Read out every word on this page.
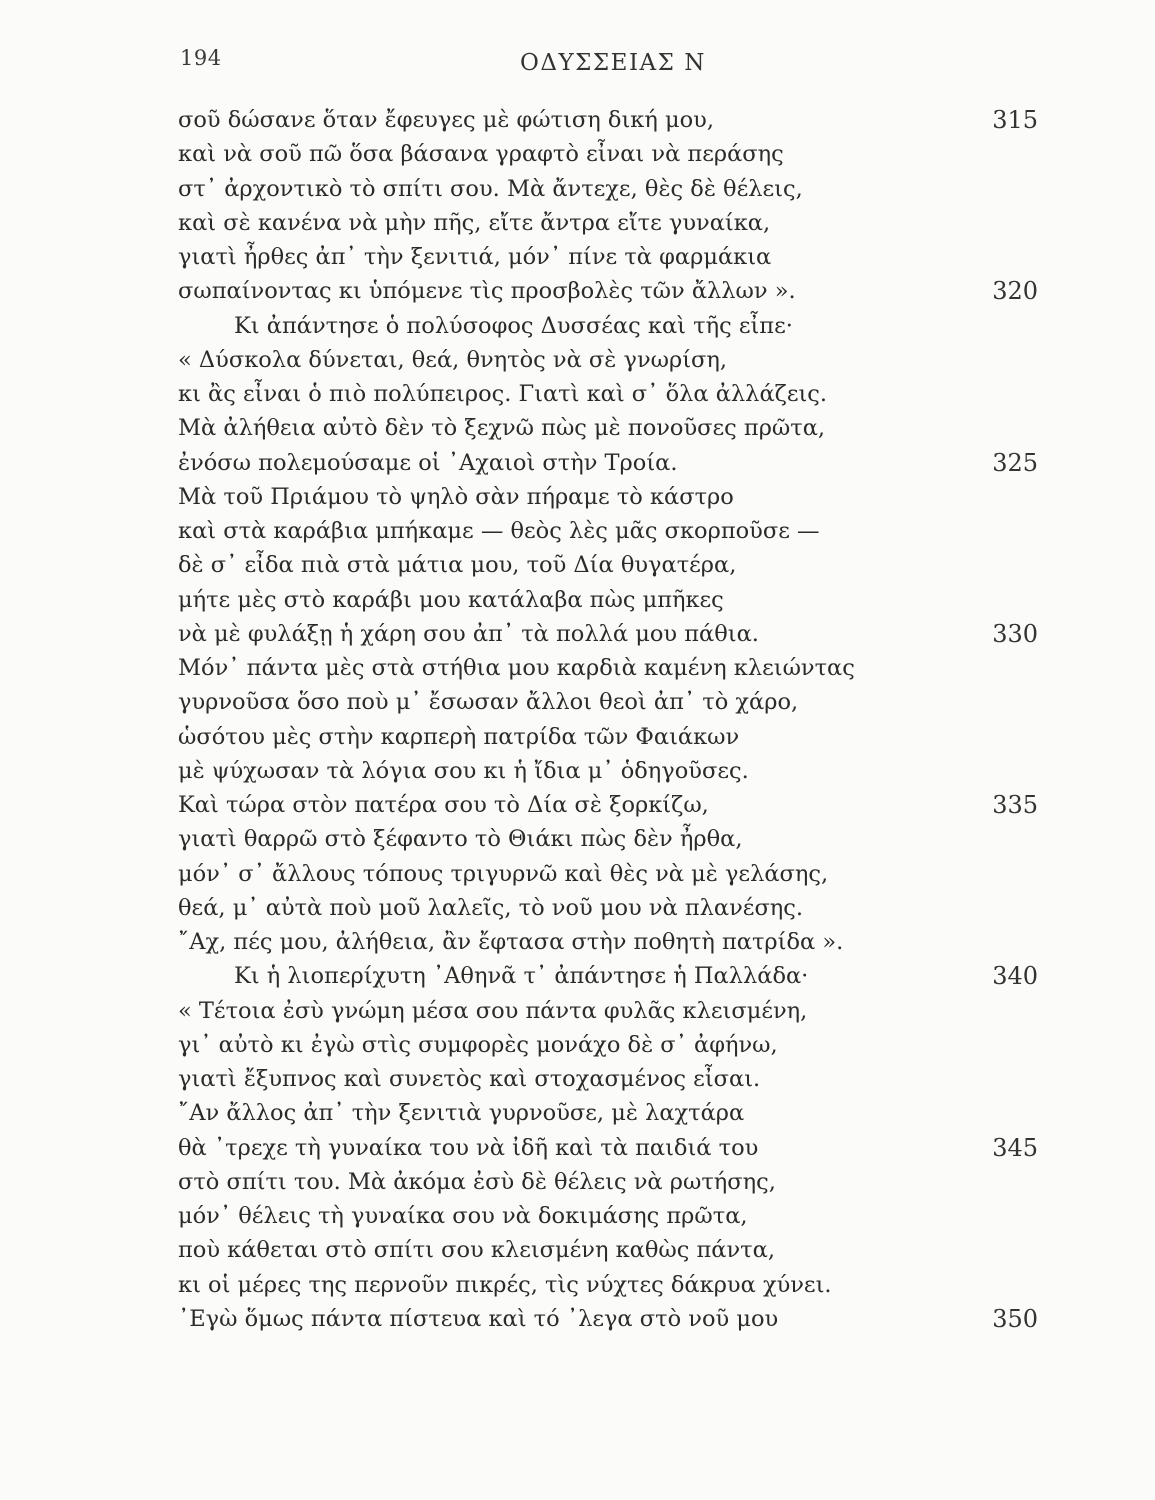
194	ΟΔΥΣΣΕΙΑΣ Ν
σοῦ δώσανε ὅταν ἔφευγες μὲ φώτιση δική μου,	315
καὶ νὰ σοῦ πῶ ὅσα βάσανα γραφτὸ εἶναι νὰ περάσης
στ᾽ ἀρχοντικὸ τὸ σπίτι σου. Μὰ ἄντεχε, θὲς δὲ θέλεις,
καὶ σὲ κανένα νὰ μὴν πῆς, εἴτε ἄντρα εἴτε γυναίκα,
γιατὶ ἦρθες ἀπ᾽ τὴν ξενιτιά, μόν᾽ πίνε τὰ φαρμάκια
σωπαίνοντας κι ὑπόμενε τὶς προσβολὲς τῶν ἄλλων ».	320
Κι ἀπάντησε ὁ πολύσοφος Δυσσέας καὶ τῆς εἶπε·
« Δύσκολα δύνεται, θεά, θνητὸς νὰ σὲ γνωρίση,
κι ἂς εἶναι ὁ πιὸ πολύπειρος. Γιατὶ καὶ σ᾽ ὅλα ἀλλάζεις.
Μὰ ἀλήθεια αὐτὸ δὲν τὸ ξεχνῶ πὼς μὲ πονοῦσες πρῶτα,
ἐνόσω πολεμούσαμε οἱ ᾽Αχαιοὶ στὴν Τροία.	325
Μὰ τοῦ Πριάμου τὸ ψηλὸ σὰν πήραμε τὸ κάστρο
καὶ στὰ καράβια μπήκαμε — θεὸς λὲς μᾶς σκορποῦσε —
δὲ σ᾽ εἶδα πιὰ στὰ μάτια μου, τοῦ Δία θυγατέρα,
μήτε μὲς στὸ καράβι μου κατάλαβα πὼς μπῆκες
νὰ μὲ φυλάξῃ ἡ χάρη σου ἀπ᾽ τὰ πολλά μου πάθια.	330
Μόν᾽ πάντα μὲς στὰ στήθια μου καρδιὰ καμένη κλειώντας
γυρνοῦσα ὅσο ποὺ μ᾽ ἔσωσαν ἄλλοι θεοὶ ἀπ᾽ τὸ χάρο,
ὡσότου μὲς στὴν καρπερὴ πατρίδα τῶν Φαιάκων
μὲ ψύχωσαν τὰ λόγια σου κι ἡ ἴδια μ᾽ ὁδηγοῦσες.
Καὶ τώρα στὸν πατέρα σου τὸ Δία σὲ ξορκίζω,	335
γιατὶ θαρρῶ στὸ ξέφαντο τὸ Θιάκι πὼς δὲν ἦρθα,
μόν᾽ σ᾽ ἄλλους τόπους τριγυρνῶ καὶ θὲς νὰ μὲ γελάσης,
θεά, μ᾽ αὐτὰ ποὺ μοῦ λαλεῖς, τὸ νοῦ μου νὰ πλανέσης.
῎Αχ, πές μου, ἀλήθεια, ἂν ἔφτασα στὴν ποθητὴ πατρίδα ».
Κι ἡ λιοπερίχυτη ᾽Αθηνᾶ τ᾽ ἀπάντησε ἡ Παλλάδα·	340
« Τέτοια ἐσὺ γνώμη μέσα σου πάντα φυλᾶς κλεισμένη,
γι᾽ αὐτὸ κι ἐγὼ στὶς συμφορὲς μονάχο δὲ σ᾽ ἀφήνω,
γιατὶ ἔξυπνος καὶ συνετὸς καὶ στοχασμένος εἶσαι.
῎Αν ἄλλος ἀπ᾽ τὴν ξενιτιὰ γυρνοῦσε, μὲ λαχτάρα
θὰ ᾽τρεχε τὴ γυναίκα του νὰ ἰδῆ καὶ τὰ παιδιά του	345
στὸ σπίτι του. Μὰ ἀκόμα ἐσὺ δὲ θέλεις νὰ ρωτήσης,
μόν᾽ θέλεις τὴ γυναίκα σου νὰ δοκιμάσης πρῶτα,
ποὺ κάθεται στὸ σπίτι σου κλεισμένη καθὼς πάντα,
κι οἱ μέρες της περνοῦν πικρές, τὶς νύχτες δάκρυα χύνει.
᾽Εγὼ ὅμως πάντα πίστευα καὶ τό ᾽λεγα στὸ νοῦ μου	350
